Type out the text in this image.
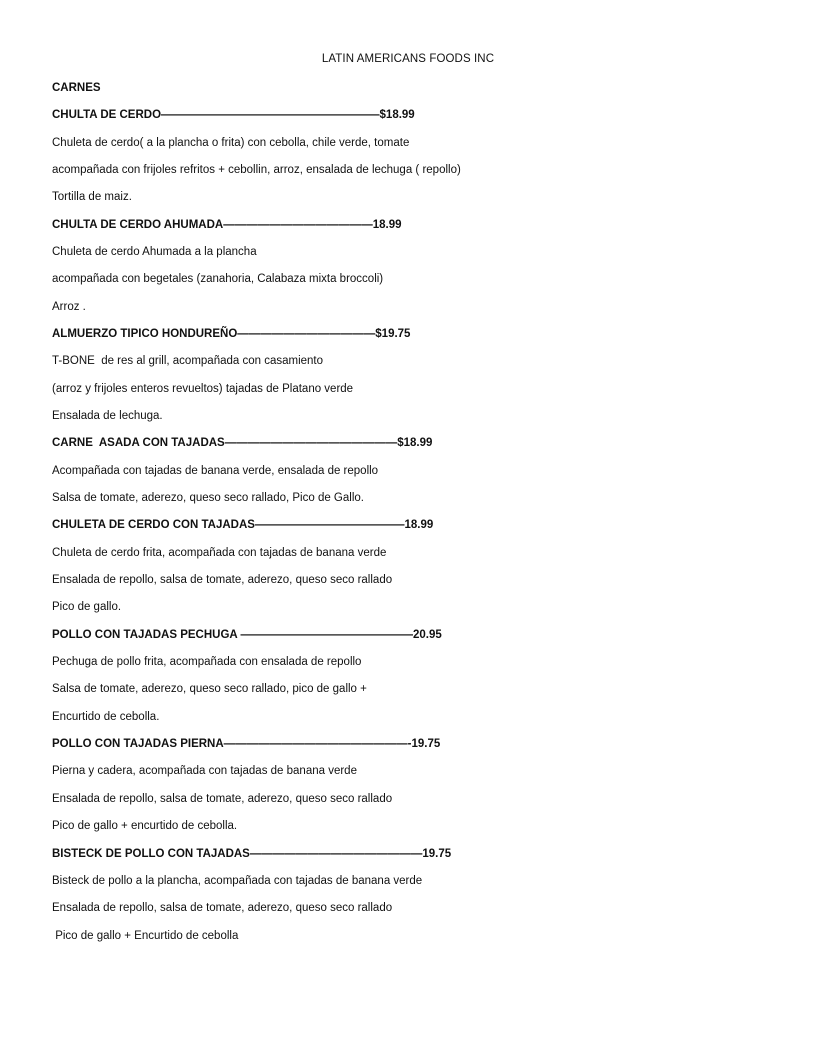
LATIN AMERICANS FOODS INC
CARNES
CHULTA DE CERDO———————————————————$18.99
Chuleta de cerdo( a la plancha o frita) con cebolla, chile verde, tomate
acompañada con frijoles refritos + cebollin, arroz, ensalada de lechuga ( repollo)
Tortilla de maiz.
CHULTA DE CERDO AHUMADA—————————————18.99
Chuleta de cerdo Ahumada a la plancha
acompañada con begetales (zanahoria, Calabaza mixta broccoli)
Arroz .
ALMUERZO TIPICO HONDUREÑO————————————$19.75
T-BONE  de res al grill, acompañada con casamiento
(arroz y frijoles enteros revueltos) tajadas de Platano verde
Ensalada de lechuga.
CARNE  ASADA CON TAJADAS———————————————$18.99
Acompañada con tajadas de banana verde, ensalada de repollo
Salsa de tomate, aderezo, queso seco rallado, Pico de Gallo.
CHULETA DE CERDO CON TAJADAS—————————————18.99
Chuleta de cerdo frita, acompañada con tajadas de banana verde
Ensalada de repollo, salsa de tomate, aderezo, queso seco rallado
Pico de gallo.
POLLO CON TAJADAS PECHUGA ———————————————20.95
Pechuga de pollo frita, acompañada con ensalada de repollo
Salsa de tomate, aderezo, queso seco rallado, pico de gallo +
Encurtido de cebolla.
POLLO CON TAJADAS PIERNA————————————————-19.75
Pierna y cadera, acompañada con tajadas de banana verde
Ensalada de repollo, salsa de tomate, aderezo, queso seco rallado
Pico de gallo + encurtido de cebolla.
BISTECK DE POLLO CON TAJADAS———————————————19.75
Bisteck de pollo a la plancha, acompañada con tajadas de banana verde
Ensalada de repollo, salsa de tomate, aderezo, queso seco rallado
Pico de gallo + Encurtido de cebolla
